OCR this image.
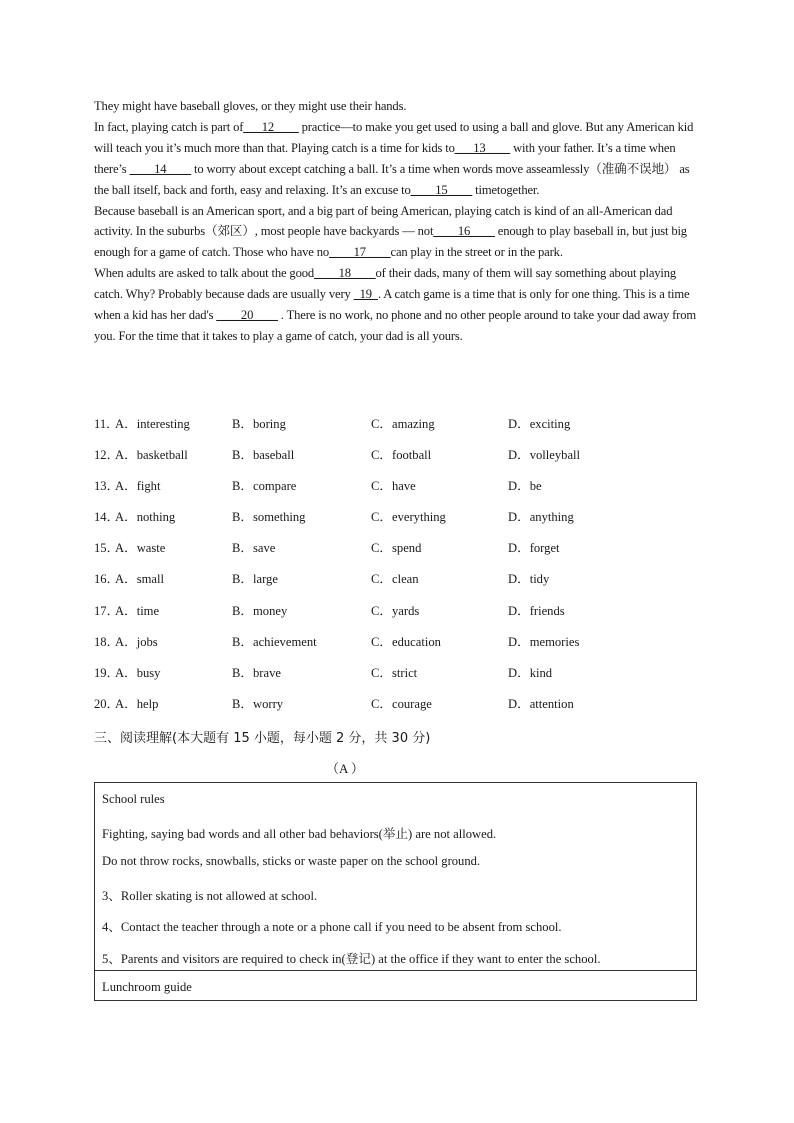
They might have baseball gloves, or they might use their hands.

In fact, playing catch is part of___12____ practice—to make you get used to using a ball and glove. But any American kid will teach you it’s much more than that. Playing catch is a time for kids to___13____ with your father. It’s a time when there’s ____14____ to worry about except catching a ball. It’s a time when words move asseamlessly（准确不误地） as the ball itself, back and forth, easy and relaxing. It’s an excuse to____15____ timetogether.

Because baseball is an American sport, and a big part of being American, playing catch is kind of an all-American dad activity. In the suburbs（郊区）, most people have backyards — not____16____ enough to play baseball in, but just big enough for a game of catch. Those who have no____17____can play in the street or in the park.

When adults are asked to talk about the good____18____of their dads, many of them will say something about playing catch. Why? Probably because dads are usually very   19  . A catch game is a time that is only for one thing. This is a time when a kid has her dad's ____20____ . There is no work, no phone and no other people around to take your dad away from you. For the time that it takes to play a game of catch, your dad is all yours.

11．
A．interesting	B．boring	C．amazing	D．exciting
12．
A．basketball	B．baseball	C．football	D．volleyball
13．
A．fight	B．compare	C．have	D．be
14．
A．nothing	B．something	C．everything	D．anything
15．
A．waste	B．save	C．spend	D．forget
16．
A．small	B．large	C．clean	D．tidy
17．
A．time	B．money	C．yards	D．friends
18．
A．jobs	B．achievement	C．education	D．memories
19．
A．busy	B．brave	C．strict	D．kind
20．
A．help	B．worry	C．courage	D．attention
三、阅读理解(本大题有 15 小题，每小题 2 分，共 30 分)
（A ）
School rules
Fighting, saying bad words and all other bad behaviors(举止) are not allowed.
Do not throw rocks, snowballs, sticks or waste paper on the school ground.
3、Roller skating is not allowed at school.
4、Contact the teacher through a note or a phone call if you need to be absent from school.
5、Parents and visitors are required to check in(登记) at the office if they want to enter the school.
Lunchroom guide
